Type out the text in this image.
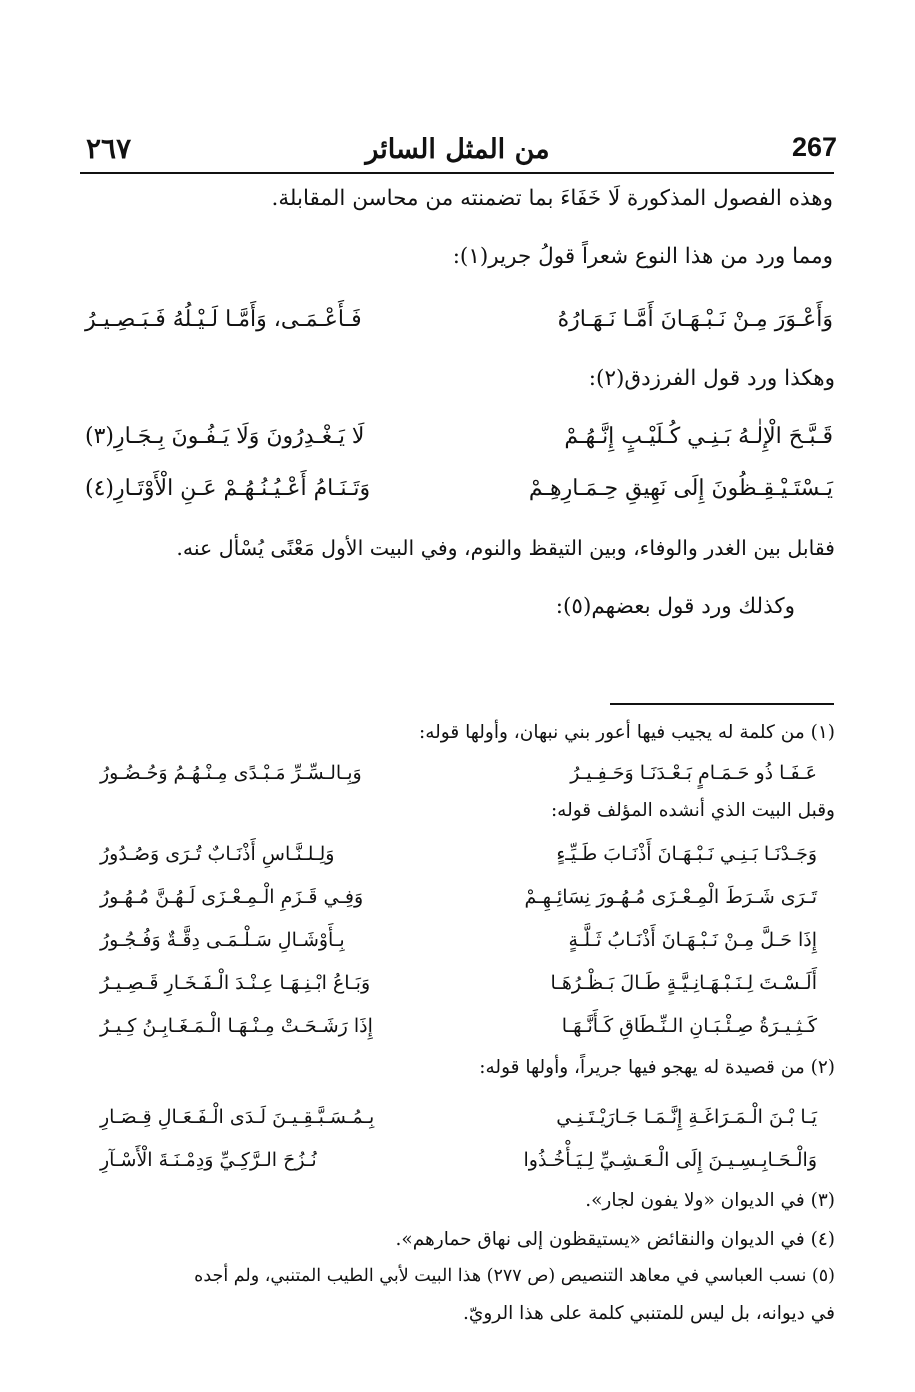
٢٦٧	من المثل السائر	267
وهذه الفصول المذكورة لَا خَفَاءَ بما تضمنته من محاسن المقابلة.
ومما ورد من هذا النوع شعراً قولُ جرير(١):
وَأَعْـوَرَ مِـنْ نَـبْـهَـانَ أَمَّـا نَـهَـارُهُ
فَـأَعْـمَـى، وَأَمَّـا لَـيْـلُهُ فَـبَـصِـيـرُ
وهكذا ورد قول الفرزدق(٢):
قَـبَّـحَ الْإِلٰـهُ بَـنِـي كُـلَيْـبٍ إِنَّـهُـمْ
لَا يَـغْـدِرُونَ وَلَا يَـفُـونَ بِـجَـارِ(٣)
يَـسْتَـيْـقِـظُونَ إِلَى نَهِيقِ حِـمَـارِهِـمْ
وَتَـنَـامُ أَعْـيُـنُـهُـمْ عَـنِ الْأَوْتَـارِ(٤)
فقابل بين الغدر والوفاء، وبين التيقظ والنوم، وفي البيت الأول مَعْنًى يُسْأل عنه.
وكذلك ورد قول بعضهم(٥):
(١) من كلمة له يجيب فيها أعور بني نبهان، وأولها قوله:
عَـفَـا ذُو حَـمَـامٍ بَـعْـدَنَـا وَحَـفِـيـرُ
وَبِـالـسِّـرِّ مَـبْـدًى مِـنْـهُـمُ وَحُـضُـورُ
وقبل البيت الذي أنشده المؤلف قوله:
وَجَـدْنَـا بَـنِـي نَـبْـهَـانَ أَذْنَـابَ طَـيِّـءٍ
وَلِـلـنَّـاسِ أَذْنَـابٌ تُـرَى وَصُـدُورُ
تَـرَى شَـرَطَ الْمِـعْـزَى مُـهُـورَ نِسَائِـهِـمْ
وَفِـي قَـزَمِ الْـمِـعْـزَى لَـهُـنَّ مُـهُـورُ
إِذَا حَـلَّ مِـنْ نَـبْـهَـانَ أَذْنَـابُ ثَـلَّـةٍ
بِـأَوْشَـالِ سَـلْـمَـى دِقَّـةٌ وَفُـجُـورُ
أَلَـسْـتَ لِـنَـبْـهَـانِـيَّـةٍ طَـالَ بَـظْـرُهَـا
وَبَـاعُ ابْـنِـهَـا عِـنْـدَ الْـفَـخَـارِ قَـصِـيـرُ
كَـثِـيـرَةُ صِـئْـبَـانِ الـنِّـطَاقِ كَـأَنَّـهَـا
إِذَا رَشَـحَـتْ مِـنْـهَـا الْـمَـغَـابِـنُ كِـيـرُ
(٢) من قصيدة له يهجو فيها جريراً، وأولها قوله:
يَـا بْـنَ الْـمَـرَاغَـةِ إِنَّـمَـا جَـارَيْـتَـنِـي
بِـمُـسَـبَّـقِـيـنَ لَـدَى الْـفَـعَـالِ قِـصَـارِ
وَالْـحَـابِـسِـيـنَ إِلَى الْـعَـشِـيِّ لِـيَـأْخُـذُوا
نُـزُحَ الـرَّكِـيِّ وَدِمْـنَـةَ الْأَسْـآرِ
(٣) في الديوان «ولا يفون لجار».
(٤) في الديوان والنقائض «يستيقظون إلى نهاق حمارهم».
(٥) نسب العباسي في معاهد التنصيص (ص ٢٧٧) هذا البيت لأبي الطيب المتنبي، ولم أجده
في ديوانه، بل ليس للمتنبي كلمة على هذا الرويّ.
